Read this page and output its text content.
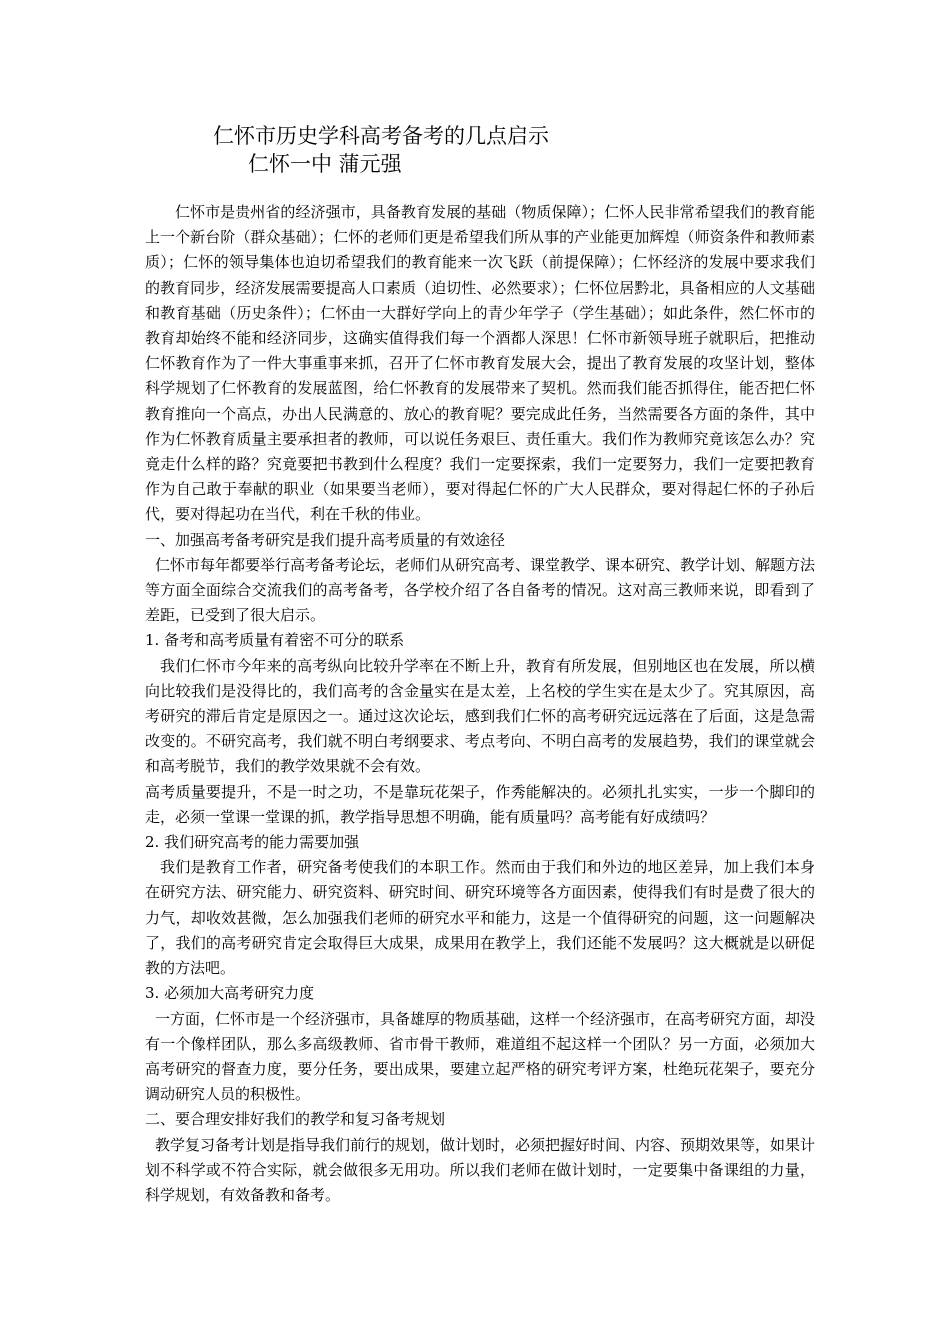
仁怀市历史学科高考备考的几点启示
仁怀一中 蒲元强

仁怀市是贵州省的经济强市，具备教育发展的基础（物质保障）；仁怀人民非常希望我们的教育能上一个新台阶（群众基础）；仁怀的老师们更是希望我们所从事的产业能更加辉煌（师资条件和教师素质）；仁怀的领导集体也迫切希望我们的教育能来一次飞跃（前提保障）；仁怀经济的发展中要求我们的教育同步，经济发展需要提高人口素质（迫切性、必然要求）；仁怀位居黔北，具备相应的人文基础和教育基础（历史条件）；仁怀由一大群好学向上的青少年学子（学生基础）；如此条件，然仁怀市的教育却始终不能和经济同步，这确实值得我们每一个酒都人深思！仁怀市新领导班子就职后，把推动仁怀教育作为了一件大事重事来抓，召开了仁怀市教育发展大会，提出了教育发展的攻坚计划，整体科学规划了仁怀教育的发展蓝图，给仁怀教育的发展带来了契机。然而我们能否抓得住，能否把仁怀教育推向一个高点，办出人民满意的、放心的教育呢？要完成此任务，当然需要各方面的条件，其中作为仁怀教育质量主要承担者的教师，可以说任务艰巨、责任重大。我们作为教师究竟该怎么办？究竟走什么样的路？究竟要把书教到什么程度？我们一定要探索，我们一定要努力，我们一定要把教育作为自己敢于奉献的职业（如果要当老师），要对得起仁怀的广大人民群众，要对得起仁怀的子孙后代，要对得起功在当代，利在千秋的伟业。

一、加强高考备考研究是我们提升高考质量的有效途径

仁怀市每年都要举行高考备考论坛，老师们从研究高考、课堂教学、课本研究、教学计划、解题方法等方面全面综合交流我们的高考备考，各学校介绍了各自备考的情况。这对高三教师来说，即看到了差距，已受到了很大启示。

1. 备考和高考质量有着密不可分的联系

我们仁怀市今年来的高考纵向比较升学率在不断上升，教育有所发展，但别地区也在发展，所以横向比较我们是没得比的，我们高考的含金量实在是太差，上名校的学生实在是太少了。究其原因，高考研究的滞后肯定是原因之一。通过这次论坛，感到我们仁怀的高考研究远远落在了后面，这是急需改变的。不研究高考，我们就不明白考纲要求、考点考向、不明白高考的发展趋势，我们的课堂就会和高考脱节，我们的教学效果就不会有效。

高考质量要提升，不是一时之功，不是靠玩花架子，作秀能解决的。必须扎扎实实，一步一个脚印的走，必须一堂课一堂课的抓，教学指导思想不明确，能有质量吗？高考能有好成绩吗？

2. 我们研究高考的能力需要加强

我们是教育工作者，研究备考使我们的本职工作。然而由于我们和外边的地区差异，加上我们本身在研究方法、研究能力、研究资料、研究时间、研究环境等各方面因素，使得我们有时是费了很大的力气，却收效甚微，怎么加强我们老师的研究水平和能力，这是一个值得研究的问题，这一问题解决了，我们的高考研究肯定会取得巨大成果，成果用在教学上，我们还能不发展吗？这大概就是以研促教的方法吧。

3. 必须加大高考研究力度

一方面，仁怀市是一个经济强市，具备雄厚的物质基础，这样一个经济强市，在高考研究方面，却没有一个像样团队，那么多高级教师、省市骨干教师，难道组不起这样一个团队？另一方面，必须加大高考研究的督查力度，要分任务，要出成果，要建立起严格的研究考评方案，杜绝玩花架子，要充分调动研究人员的积极性。

二、要合理安排好我们的教学和复习备考规划

教学复习备考计划是指导我们前行的规划，做计划时，必须把握好时间、内容、预期效果等，如果计划不科学或不符合实际，就会做很多无用功。所以我们老师在做计划时，一定要集中备课组的力量，科学规划，有效备教和备考。
